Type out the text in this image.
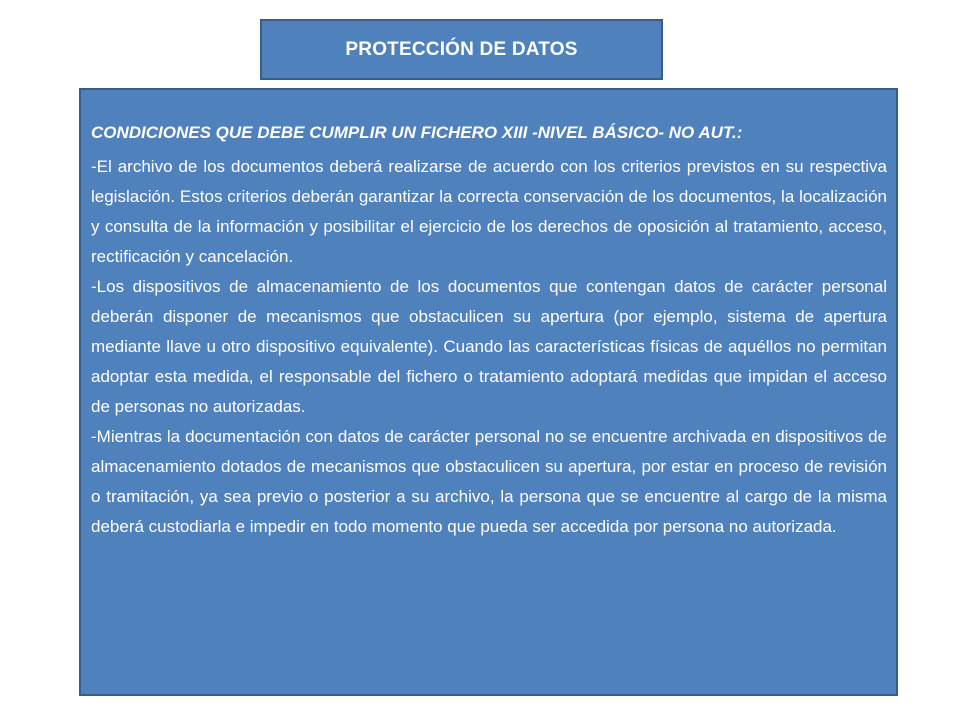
PROTECCIÓN DE DATOS

CONDICIONES QUE DEBE CUMPLIR UN FICHERO XIII -NIVEL BÁSICO- NO AUT.:

-El archivo de los documentos deberá realizarse de acuerdo con los criterios previstos en su respectiva legislación. Estos criterios deberán garantizar la correcta conservación de los documentos, la localización y consulta de la información y posibilitar el ejercicio de los derechos de oposición al tratamiento, acceso, rectificación y cancelación.

-Los dispositivos de almacenamiento de los documentos que contengan datos de carácter personal deberán disponer de mecanismos que obstaculicen su apertura (por ejemplo, sistema de apertura mediante llave u otro dispositivo equivalente). Cuando las características físicas de aquéllos no permitan adoptar esta medida, el responsable del fichero o tratamiento adoptará medidas que impidan el acceso de personas no autorizadas.

-Mientras la documentación con datos de carácter personal no se encuentre archivada en dispositivos de almacenamiento dotados de mecanismos que obstaculicen su apertura, por estar en proceso de revisión o tramitación, ya sea previo o posterior a su archivo, la persona que se encuentre al cargo de la misma deberá custodiarla e impedir en todo momento que pueda ser accedida por persona no autorizada.
